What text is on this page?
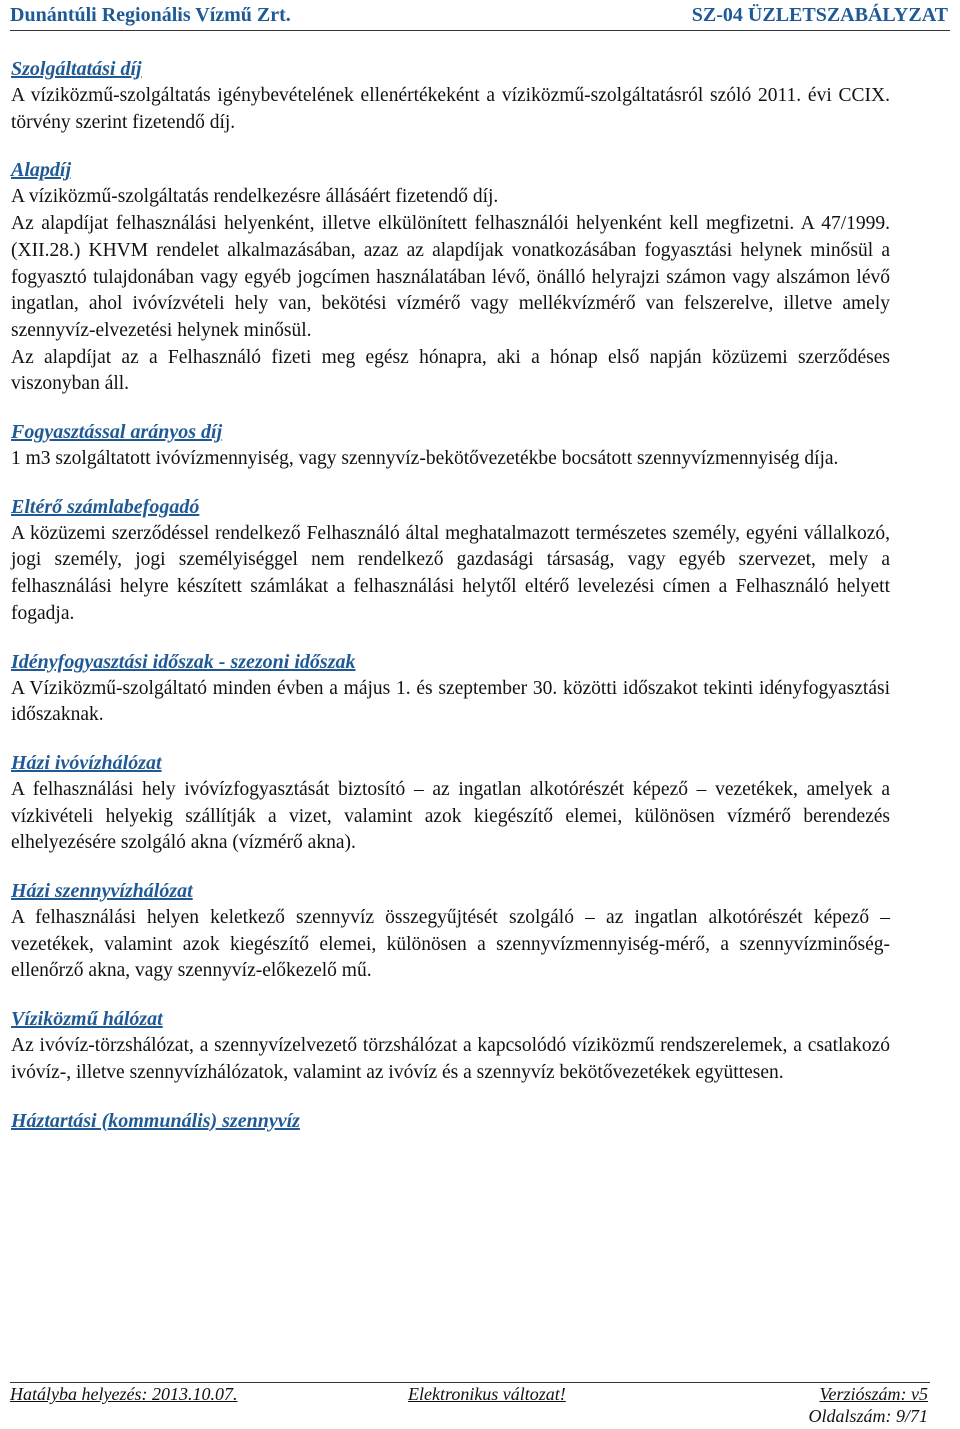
Dunántúli Regionális Vízmű Zrt.	SZ-04 ÜZLETSZABÁLYZAT

Szolgáltatási díj

A víziközmű-szolgáltatás igénybevételének ellenértékeként a víziközmű-szolgáltatásról szóló 2011. évi CCIX. törvény szerint fizetendő díj.

Alapdíj

A víziközmű-szolgáltatás rendelkezésre állásáért fizetendő díj.

Az alapdíjat felhasználási helyenként, illetve elkülönített felhasználói helyenként kell megfizetni. A 47/1999. (XII.28.) KHVM rendelet alkalmazásában, azaz az alapdíjak vonatkozásában fogyasztási helynek minősül a fogyasztó tulajdonában vagy egyéb jogcímen használatában lévő, önálló helyrajzi számon vagy alszámon lévő ingatlan, ahol ivóvízvételi hely van, bekötési vízmérő vagy mellékvízmérő van felszerelve, illetve amely szennyvíz-elvezetési helynek minősül.

Az alapdíjat az a Felhasználó fizeti meg egész hónapra, aki a hónap első napján közüzemi szerződéses viszonyban áll.

Fogyasztással arányos díj

1 m3 szolgáltatott ivóvízmennyiség, vagy szennyvíz-bekötővezetékbe bocsátott szennyvízmennyiség díja.

Eltérő számlabefogadó

A közüzemi szerződéssel rendelkező Felhasználó által meghatalmazott természetes személy, egyéni vállalkozó, jogi személy, jogi személyiséggel nem rendelkező gazdasági társaság, vagy egyéb szervezet, mely a felhasználási helyre készített számlákat a felhasználási helytől eltérő levelezési címen a Felhasználó helyett fogadja.

Idényfogyasztási időszak - szezoni időszak

A Víziközmű-szolgáltató minden évben a május 1. és szeptember 30. közötti időszakot tekinti idényfogyasztási időszaknak.

Házi ivóvízhálózat

A felhasználási hely ivóvízfogyasztását biztosító – az ingatlan alkotórészét képező – vezetékek, amelyek a vízkivételi helyekig szállítják a vizet, valamint azok kiegészítő elemei, különösen vízmérő berendezés elhelyezésére szolgáló akna (vízmérő akna).

Házi szennyvízhálózat

A felhasználási helyen keletkező szennyvíz összegyűjtését szolgáló – az ingatlan alkotórészét képező – vezetékek, valamint azok kiegészítő elemei, különösen a szennyvízmennyiség-mérő, a szennyvízminőség-ellenőrző akna, vagy szennyvíz-előkezelő mű.

Víziközmű hálózat

Az ivóvíz-törzshálózat, a szennyvízelvezető törzshálózat a kapcsolódó víziközmű rendszerelemek, a csatlakozó ivóvíz-, illetve szennyvízhálózatok, valamint az ivóvíz és a szennyvíz bekötővezetékek együttesen.

Háztartási (kommunális) szennyvíz

Hatályba helyezés: 2013.10.07.	Elektronikus változat!	Verziószám: v5
Oldalszám: 9/71
